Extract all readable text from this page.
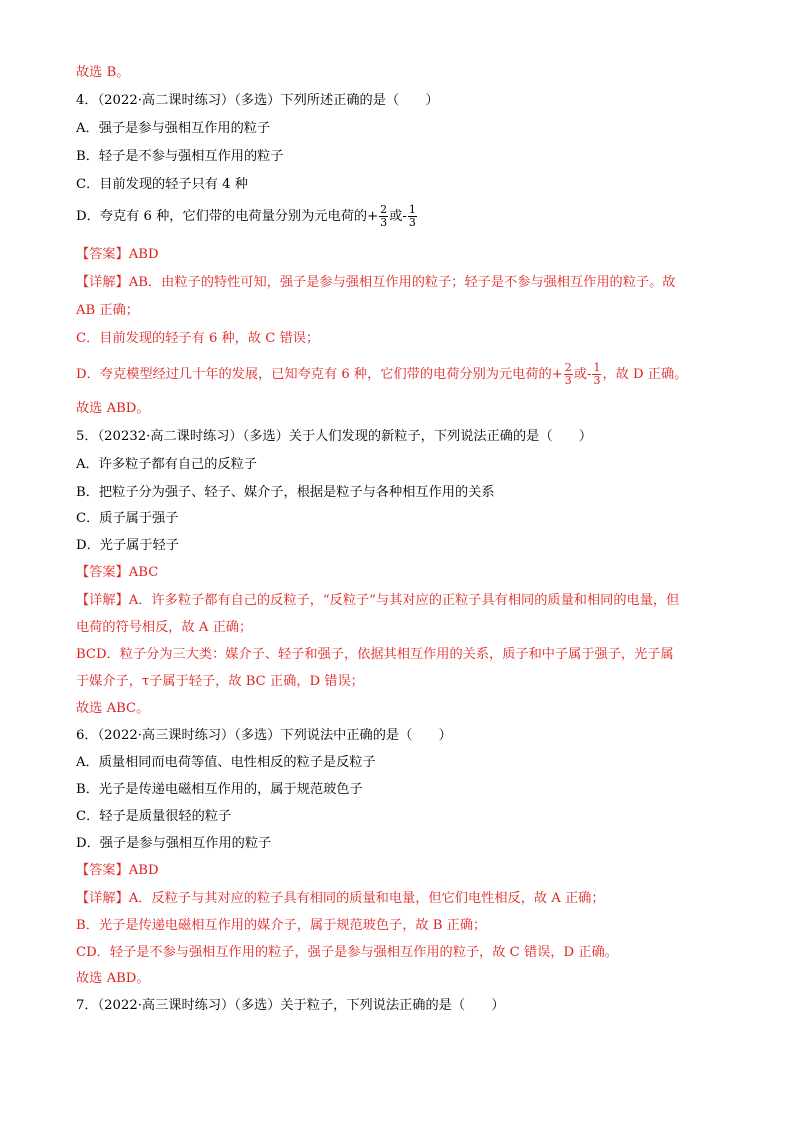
故选 B。
4．（2022·高二课时练习）（多选）下列所述正确的是（　　）
A．强子是参与强相互作用的粒子
B．轻子是不参与强相互作用的粒子
C．目前发现的轻子只有 4 种
D．夸克有 6 种，它们带的电荷量分别为元电荷的+ $\frac{2}{3}$ 或- $\frac{1}{3}$
【答案】ABD
【详解】AB．由粒子的特性可知，强子是参与强相互作用的粒子；轻子是不参与强相互作用的粒子。故
AB 正确；
C．目前发现的轻子有 6 种，故 C 错误；
D．夸克模型经过几十年的发展，已知夸克有 6 种，它们带的电荷分别为元电荷的+ $\frac{2}{3}$ 或- $\frac{1}{3}$ ，故 D 正确。
故选 ABD。
5．（20232·高二课时练习）（多选）关于人们发现的新粒子，下列说法正确的是（　　）
A．许多粒子都有自己的反粒子
B．把粒子分为强子、轻子、媒介子，根据是粒子与各种相互作用的关系
C．质子属于强子
D．光子属于轻子
【答案】ABC
【详解】A．许多粒子都有自己的反粒子，“反粒子”与其对应的正粒子具有相同的质量和相同的电量，但
电荷的符号相反，故 A 正确；
BCD．粒子分为三大类：媒介子、轻子和强子，依据其相互作用的关系，质子和中子属于强子，光子属
于媒介子，τ子属于轻子，故 BC 正确，D 错误；
故选 ABC。
6．（2022·高三课时练习）（多选）下列说法中正确的是（　　）
A．质量相同而电荷等值、电性相反的粒子是反粒子
B．光子是传递电磁相互作用的，属于规范玻色子
C．轻子是质量很轻的粒子
D．强子是参与强相互作用的粒子
【答案】ABD
【详解】A．反粒子与其对应的粒子具有相同的质量和电量，但它们电性相反，故 A 正确；
B．光子是传递电磁相互作用的媒介子，属于规范玻色子，故 B 正确；
CD．轻子是不参与强相互作用的粒子，强子是参与强相互作用的粒子，故 C 错误，D 正确。
故选 ABD。
7．（2022·高三课时练习）（多选）关于粒子，下列说法正确的是（　　）
